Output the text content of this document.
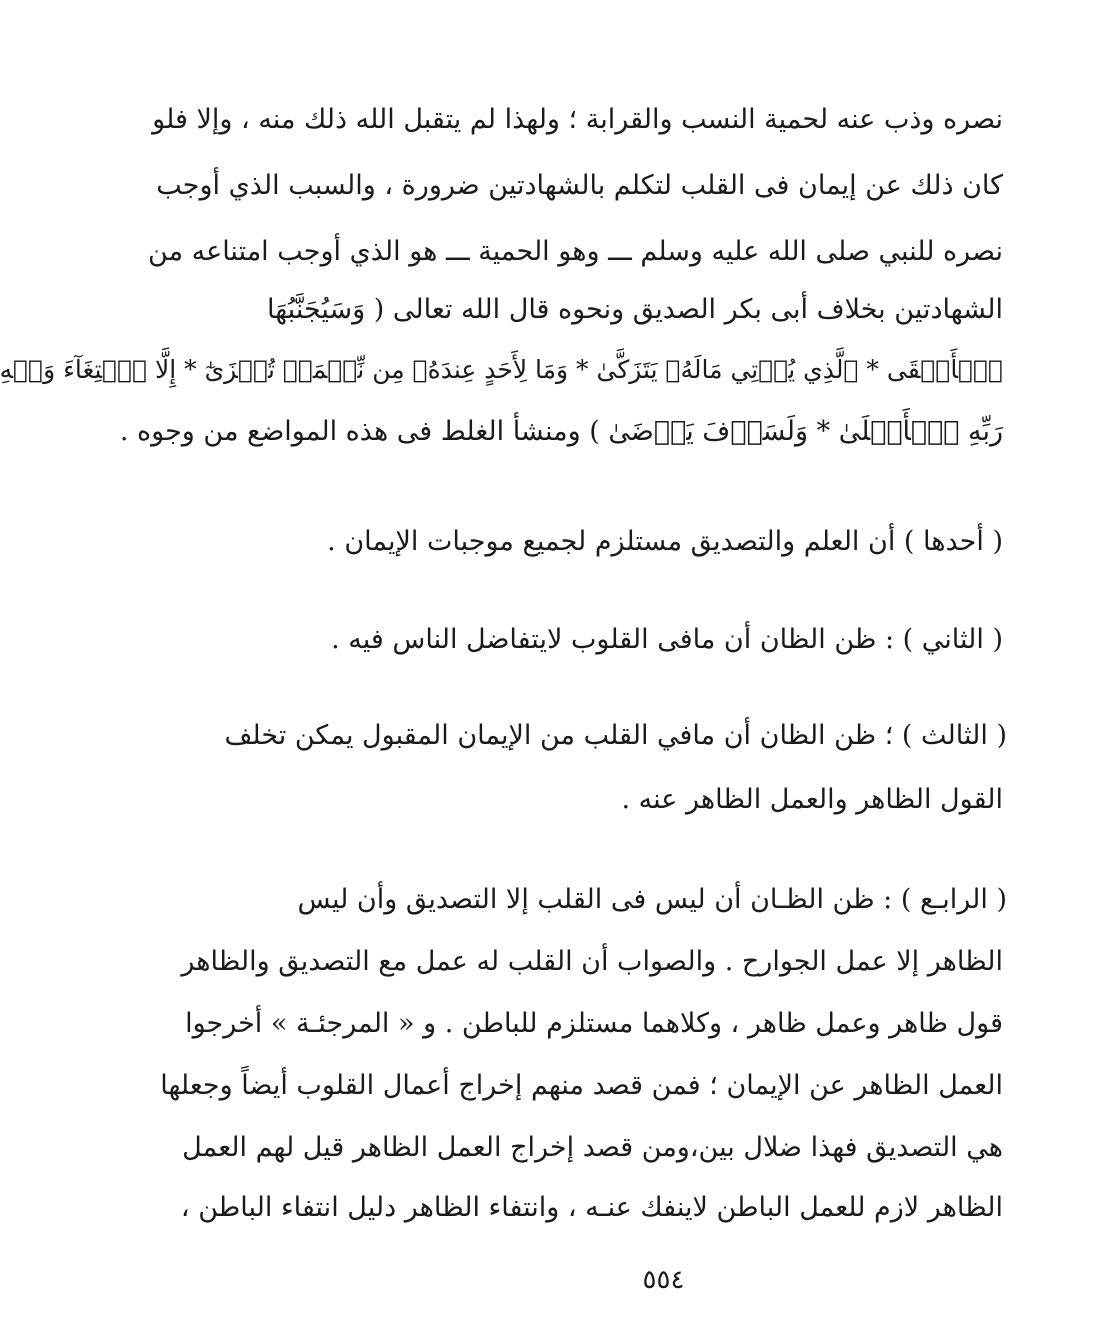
نصره وذب عنه لحمية النسب والقرابة ؛ ولهذا لم يتقبل الله ذلك منه ، وإلا فلو
كان ذلك عن إيمان فى القلب لتكلم بالشهادتين ضرورة ، والسبب الذي أوجب
نصره للنبي صلى الله عليه وسلم ـــ وهو الحمية ـــ هو الذي أوجب امتناعه من
الشهادتين بخلاف أبى بكر الصديق ونحوه قال الله تعالى ( وَسَيُجَنَّبُهَا
ٱلۡأَتۡقَى * ٱلَّذِي يُؤۡتِي مَالَهُۥ يَتَزَكَّىٰ * وَمَا لِأَحَدٍ عِندَهُۥ مِن نِّعۡمَةٖ تُجۡزَىٰٓ * إِلَّا ٱبۡتِغَآءَ وَجۡهِ
رَبِّهِ ٱلۡأَعۡلَىٰ * وَلَسَوۡفَ يَرۡضَىٰ ) ومنشأ الغلط فى هذه المواضع من وجوه .
( أحدها ) أن العلم والتصديق مستلزم لجميع موجبات الإيمان .
( الثاني ) : ظن الظان أن مافى القلوب لايتفاضل الناس فيه .
( الثالث ) ؛ ظن الظان أن مافي القلب من الإيمان المقبول يمكن تخلف
القول الظاهر والعمل الظاهر عنه .
( الرابـع ) : ظن الظـان أن ليس فى القلب إلا التصديق وأن ليس
الظاهر إلا عمل الجوارح . والصواب أن القلب له عمل مع التصديق والظاهر
قول ظاهر وعمل ظاهر ، وكلاهما مستلزم للباطن . و « المرجئـة » أخرجوا
العمل الظاهر عن الإيمان ؛ فمن قصد منهم إخراج أعمال القلوب أيضاً وجعلها
هي التصديق فهذا ضلال بين،ومن قصد إخراج العمل الظاهر قيل لهم العمل
الظاهر لازم للعمل الباطن لاينفك عنـه ، وانتفاء الظاهر دليل انتفاء الباطن ،
٥٥٤
